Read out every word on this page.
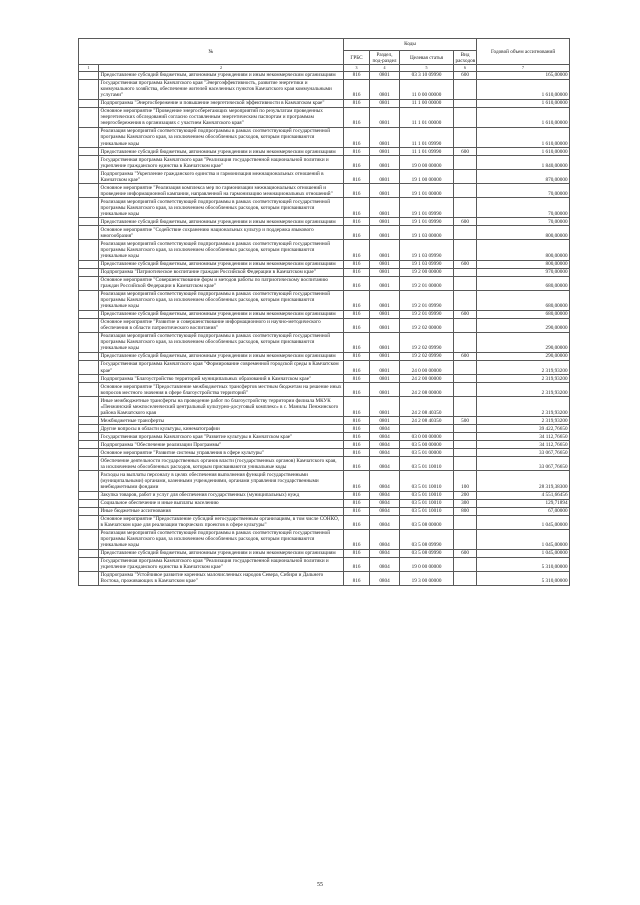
№		Коды				Годовой объем ассигнований
		ГРБС	Раздел, под-раздел	Целевая статья	Вид расходов	
1	2	3	4	5	6	7
	Предоставление субсидий бюджетным, автономным учреждениям и иным некоммерческим организациям	816	0801	03 3 10 09990	600	165,00000
	Государственная программа Камчатского края "Энергоэффективность, развитие энергетики и коммунального хозяйства, обеспечение жителей населенных пунктов Камчатского края коммунальными услугами"	816	0801	11 0 00 00000		1 610,00000
	Подпрограмма "Энергосбережение и повышение энергетической эффективности в Камчатском крае"	816	0801	11 1 00 00000		1 610,00000
	Основное мероприятие "Проведение энергосберегающих мероприятий по результатам проведенных энергетических обследований согласно составленным энергетическим паспортам и программам энергосбережения в организациях с участием Камчатского края"	816	0801	11 1 01 00000		1 610,00000
	Реализация мероприятий соответствующей подпрограммы в рамках соответствующей государственной программы Камчатского края, за исключением обособленных расходов, которым присваиваются уникальные коды	816	0801	11 1 01 09990		1 610,00000
	Предоставление субсидий бюджетным, автономным учреждениям и иным некоммерческим организациям	816	0801	11 1 01 09990	600	1 610,00000
	Государственная программа Камчатского края "Реализация государственной национальной политики и укрепление гражданского единства в Камчатском крае"	816	0801	19 0 00 00000		1 840,00000
	Подпрограмма "Укрепление гражданского единства и гармонизация межнациональных отношений в Камчатском крае"	816	0801	19 1 00 00000		870,00000
	Основное мероприятие "Реализация комплекса мер по гармонизации межнациональных отношений и проведение информационной кампании, направленной на гармонизацию межнациональных отношений"	816	0801	19 1 01 00000		70,00000
	Реализация мероприятий соответствующей подпрограммы в рамках соответствующей государственной программы Камчатского края, за исключением обособленных расходов, которым присваиваются уникальные коды	816	0801	19 1 01 09990		70,00000
	Предоставление субсидий бюджетным, автономным учреждениям и иным некоммерческим организациям	816	0801	19 1 01 09990	600	70,00000
	Основное мероприятие "Содействие сохранению национальных культур и поддержка языкового многообразия"	816	0801	19 1 03 00000		800,00000
	Реализация мероприятий соответствующей подпрограммы в рамках соответствующей государственной программы Камчатского края, за исключением обособленных расходов, которым присваиваются уникальные коды	816	0801	19 1 03 09990		800,00000
	Предоставление субсидий бюджетным, автономным учреждениям и иным некоммерческим организациям	816	0801	19 1 03 09990	600	800,00000
	Подпрограмма "Патриотическое воспитание граждан Российской Федерации в Камчатском крае"	816	0801	19 2 00 00000		970,00000
	Основное мероприятие "Совершенствование форм и методов работы по патриотическому воспитанию граждан Российской Федерации в Камчатском крае"	816	0801	19 2 01 00000		680,00000
	Реализация мероприятий соответствующей подпрограммы в рамках соответствующей государственной программы Камчатского края, за исключением обособленных расходов, которым присваиваются уникальные коды	816	0801	19 2 01 09990		680,00000
	Предоставление субсидий бюджетным, автономным учреждениям и иным некоммерческим организациям	816	0801	19 2 01 09990	600	680,00000
	Основное мероприятие "Развитие и совершенствование информационного и научно-методического обеспечения в области патриотического воспитания"	816	0801	19 2 02 00000		290,00000
	Реализация мероприятий соответствующей подпрограммы в рамках соответствующей государственной программы Камчатского края, за исключением обособленных расходов, которым присваиваются уникальные коды	816	0801	19 2 02 09990		290,00000
	Предоставление субсидий бюджетным, автономным учреждениям и иным некоммерческим организациям	816	0801	19 2 02 09990	600	290,00000
	Государственная программа Камчатского края "Формирование современной городской среды в Камчатском крае"	816	0801	24 0 00 00000		2 319,93200
	Подпрограмма "Благоустройство территорий муниципальных образований в Камчатском крае"	816	0801	24 2 00 00000		2 319,93200
	Основное мероприятие "Предоставление межбюджетных трансфертов местным бюджетам на решение иных вопросов местного значения в сфере благоустройства территорий"	816	0801	24 2 08 00000		2 319,93200
	Иные межбюджетные трансферты на проведение работ по благоустройству территории филиала МКУК «Пенжинский межпоселенческий центральный культурно-досуговый комплекс» в с. Манилы Пенжинского района Камчатского края	816	0801	24 2 08 40350		2 319,93200
	Межбюджетные трансферты	816	0801	24 2 08 40350	500	2 319,93200
	Другие вопросы в области культуры, кинематографии	816	0804			39 422,76650
	Государственная программа Камчатского края "Развитие культуры в Камчатском крае"	816	0804	03 0 00 00000		34 112,76650
	Подпрограмма "Обеспечение реализации Программы"	816	0804	03 5 00 00000		34 112,76650
	Основное мероприятие "Развитие системы управления в сфере культуры"	816	0804	03 5 01 00000		33 067,76650
	Обеспечение деятельности государственных органов власти (государственных органов) Камчатского края, за исключением обособленных расходов, которым присваиваются уникальные коды	816	0804	03 5 01 10010		33 067,76650
	Расходы на выплаты персоналу в целях обеспечения выполнения функций государственными (муниципальными) органами, казенными учреждениями, органами управления государственными внебюджетными фондами	816	0804	03 5 01 10010	100	28 319,38300
	Закупка товаров, работ и услуг для обеспечения государственных (муниципальных) нужд	816	0804	03 5 01 10010	200	4 551,66456
	Социальное обеспечение и иные выплаты населению	816	0804	03 5 01 10010	300	129,71894
	Иные бюджетные ассигнования	816	0804	03 5 01 10010	800	67,00000
	Основное мероприятие "Предоставление субсидий негосударственным организациям, в том числе СОНКО, в Камчатском крае для реализации творческих проектов в сфере культуры"	816	0804	03 5 08 00000		1 045,00000
	Реализация мероприятий соответствующей подпрограммы в рамках соответствующей государственной программы Камчатского края, за исключением обособленных расходов, которым присваиваются уникальные коды	816	0804	03 5 08 09990		1 045,00000
	Предоставление субсидий бюджетным, автономным учреждениям и иным некоммерческим организациям	816	0804	03 5 08 09990	600	1 045,00000
	Государственная программа Камчатского края "Реализация государственной национальной политики и укрепление гражданского единства в Камчатском крае"	816	0804	19 0 00 00000		5 310,00000
	Подпрограмма "Устойчивое развитие коренных малочисленных народов Севера, Сибири и Дальнего Востока, проживающих в Камчатском крае"	816	0804	19 3 00 00000		5 310,00000
55
